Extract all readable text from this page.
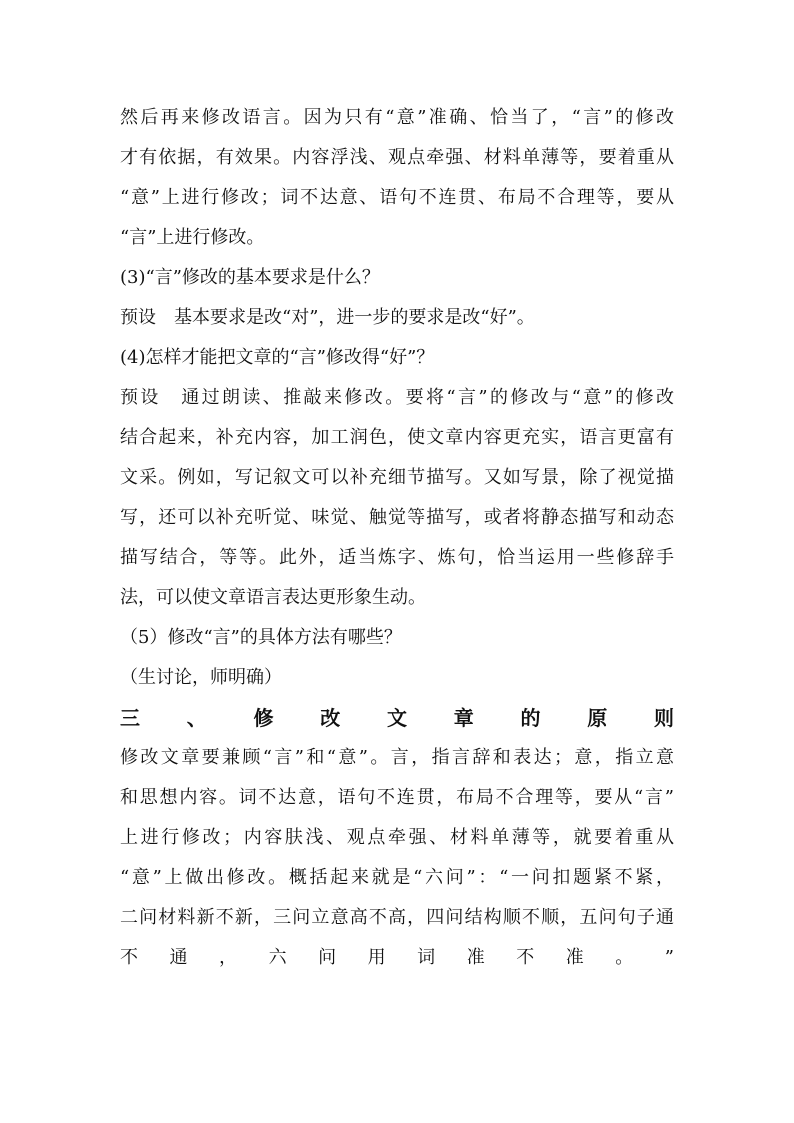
然后再来修改语言。因为只有“意”准确、恰当了，“言”的修改
才有依据，有效果。内容浮浅、观点牵强、材料单薄等，要着重从
“意”上进行修改；词不达意、语句不连贯、布局不合理等，要从
“言”上进行修改。
(3)“言”修改的基本要求是什么？
预设　基本要求是改“对”，进一步的要求是改“好”。
(4)怎样才能把文章的“言”修改得“好”？
预设　通过朗读、推敲来修改。要将“言”的修改与“意”的修改
结合起来，补充内容，加工润色，使文章内容更充实，语言更富有
文采。例如，写记叙文可以补充细节描写。又如写景，除了视觉描
写，还可以补充听觉、味觉、触觉等描写，或者将静态描写和动态
描写结合，等等。此外，适当炼字、炼句，恰当运用一些修辞手
法，可以使文章语言表达更形象生动。
（5）修改“言”的具体方法有哪些？
（生讨论，师明确）
三 、 修 改 文 章 的 原 则
修改文章要兼顾“言”和“意”。言，指言辞和表达；意，指立意
和思想内容。词不达意，语句不连贯，布局不合理等，要从“言”
上进行修改；内容肤浅、观点牵强、材料单薄等，就要着重从
“意”上做出修改。概括起来就是“六问”：“一问扣题紧不紧，
二问材料新不新，三问立意高不高，四问结构顺不顺，五问句子通
不 通 ， 六 问 用 词 准 不 准 。 ”
